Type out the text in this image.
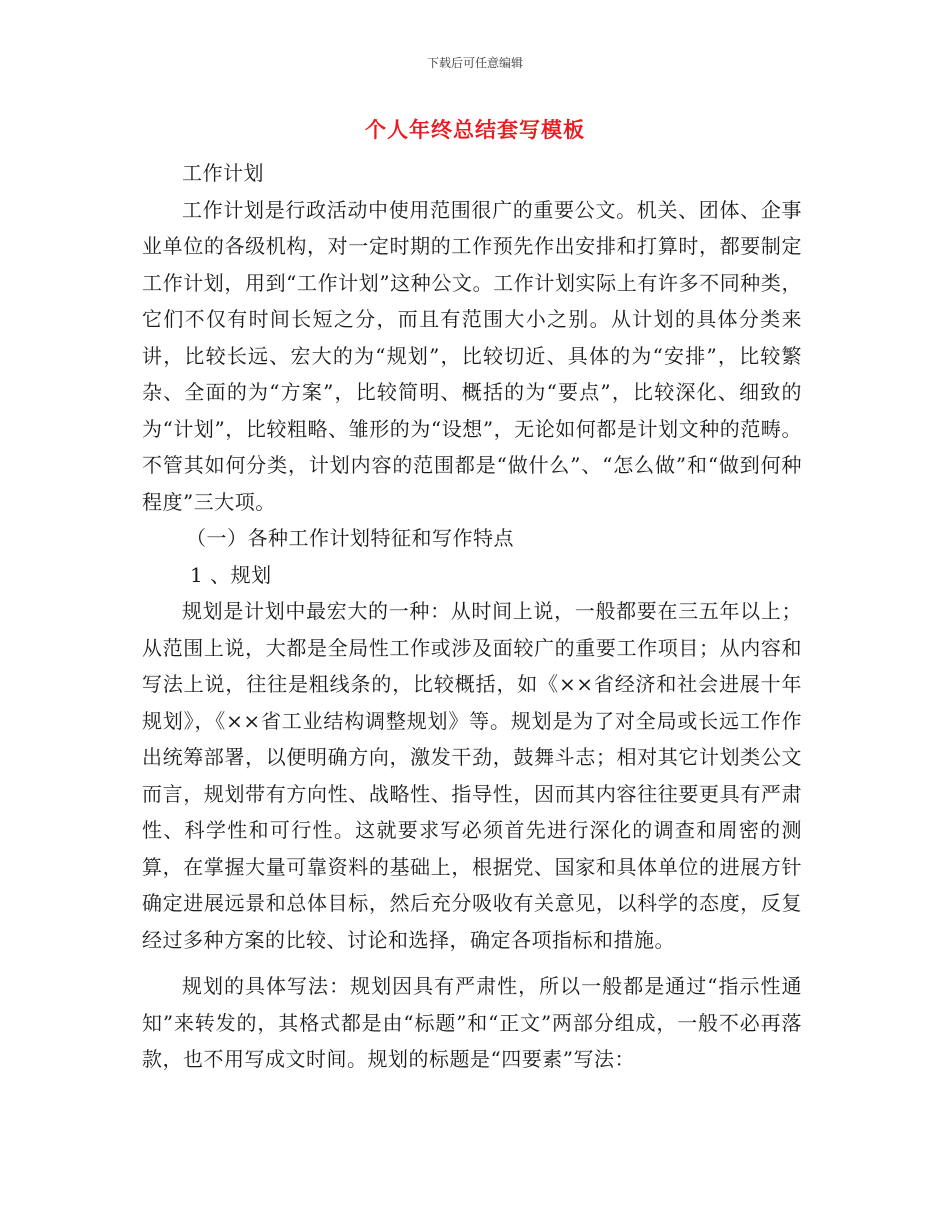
下载后可任意编辑
个人年终总结套写模板

工作计划

工作计划是行政活动中使用范围很广的重要公文。机关、团体、企事业单位的各级机构，对一定时期的工作预先作出安排和打算时，都要制定工作计划，用到“工作计划”这种公文。工作计划实际上有许多不同种类，它们不仅有时间长短之分，而且有范围大小之别。从计划的具体分类来讲，比较长远、宏大的为“规划”，比较切近、具体的为“安排”，比较繁杂、全面的为“方案”，比较简明、概括的为“要点”，比较深化、细致的为“计划”，比较粗略、雏形的为“设想”，无论如何都是计划文种的范畴。不管其如何分类，计划内容的范围都是“做什么”、“怎么做”和“做到何种程度”三大项。

（一）各种工作计划特征和写作特点

1 、规划

规划是计划中最宏大的一种：从时间上说，一般都要在三五年以上；从范围上说，大都是全局性工作或涉及面较广的重要工作项目；从内容和写法上说，往往是粗线条的，比较概括，如《××省经济和社会进展十年规划》，《××省工业结构调整规划》等。规划是为了对全局或长远工作作出统筹部署，以便明确方向，激发干劲，鼓舞斗志；相对其它计划类公文而言，规划带有方向性、战略性、指导性，因而其内容往往要更具有严肃性、科学性和可行性。这就要求写必须首先进行深化的调查和周密的测算，在掌握大量可靠资料的基础上，根据党、国家和具体单位的进展方针确定进展远景和总体目标，然后充分吸收有关意见，以科学的态度，反复经过多种方案的比较、讨论和选择，确定各项指标和措施。

规划的具体写法：规划因具有严肃性，所以一般都是通过“指示性通知”来转发的，其格式都是由“标题”和“正文”两部分组成，一般不必再落款，也不用写成文时间。规划的标题是“四要素”写法：
